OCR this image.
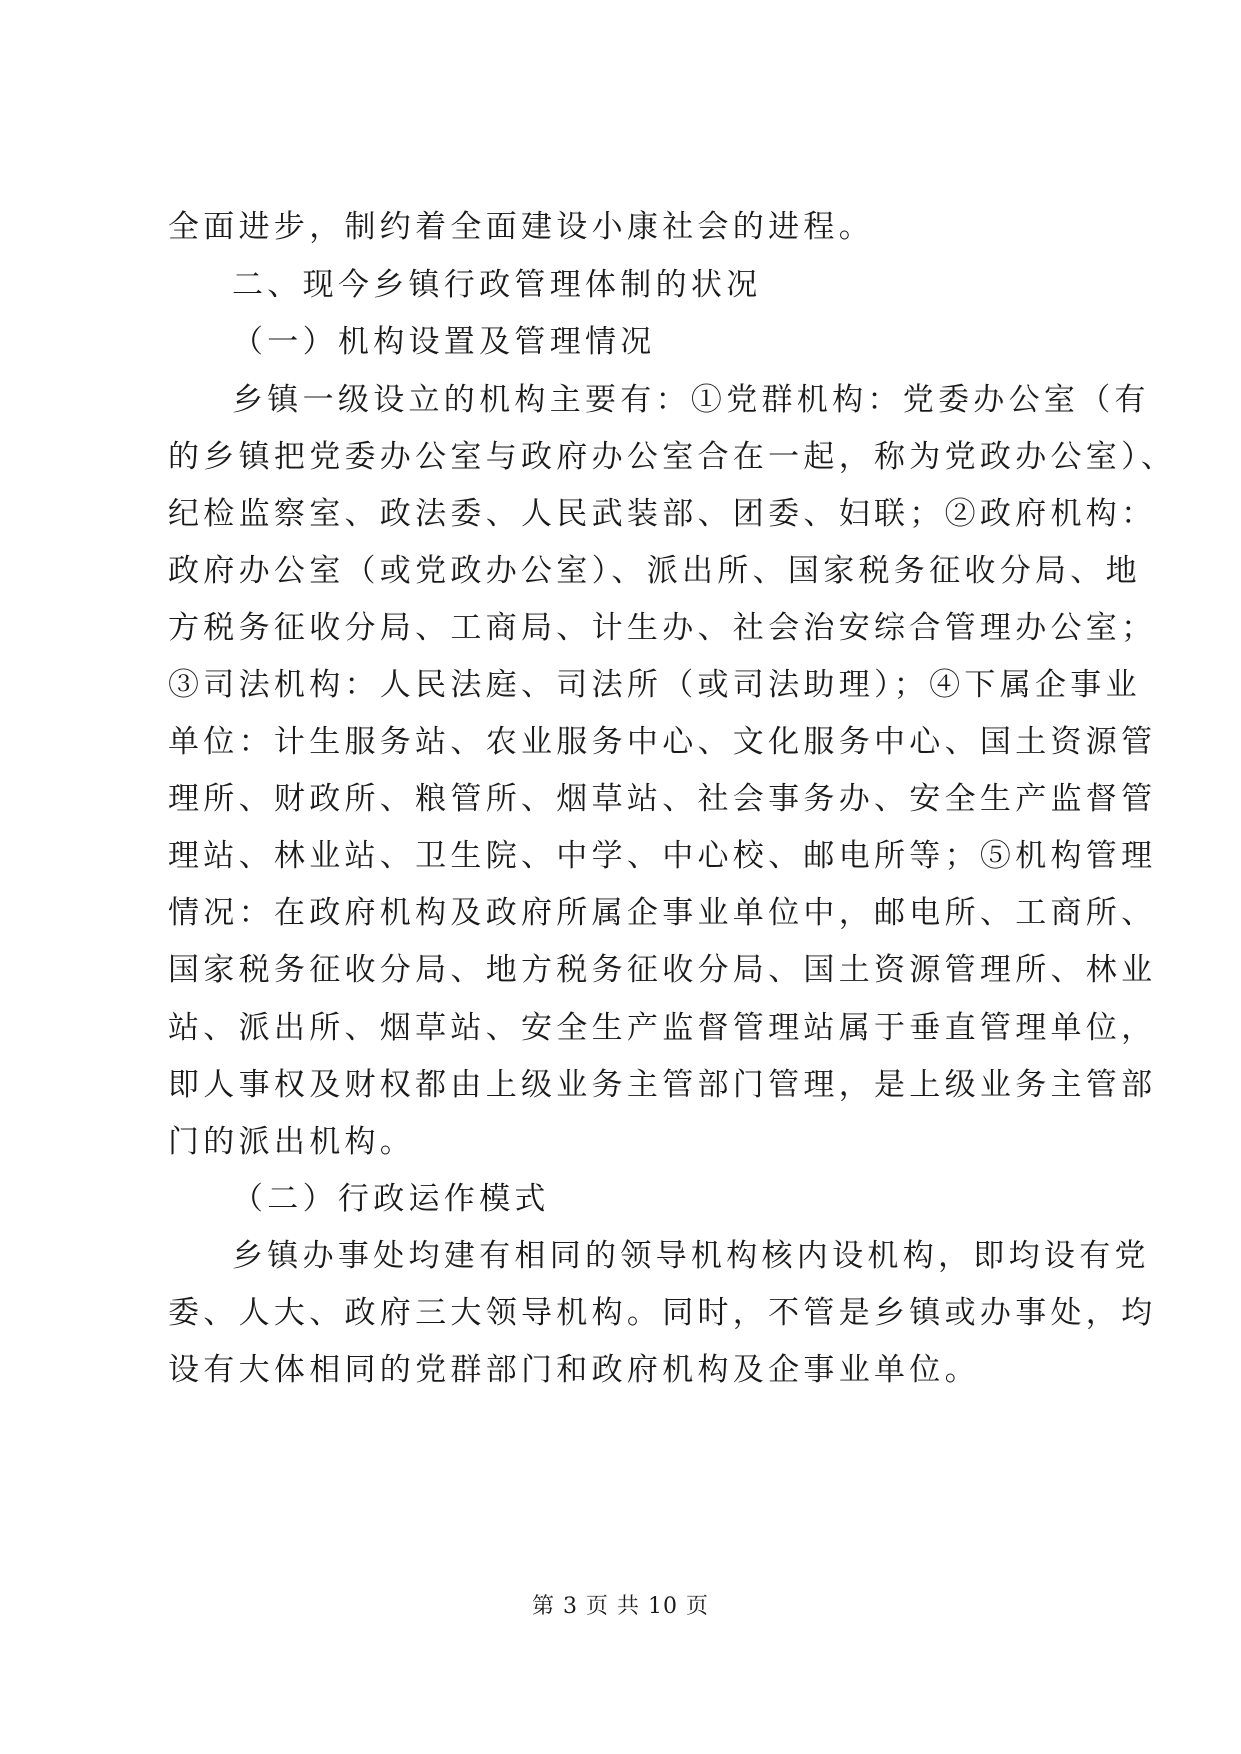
全面进步，制约着全面建设小康社会的进程。
二、现今乡镇行政管理体制的状况
（一）机构设置及管理情况
乡镇一级设立的机构主要有：①党群机构：党委办公室（有
的乡镇把党委办公室与政府办公室合在一起，称为党政办公室）、
纪检监察室、政法委、人民武装部、团委、妇联；②政府机构：
政府办公室（或党政办公室）、派出所、国家税务征收分局、地
方税务征收分局、工商局、计生办、社会治安综合管理办公室；
③司法机构：人民法庭、司法所（或司法助理）；④下属企事业
单位：计生服务站、农业服务中心、文化服务中心、国土资源管
理所、财政所、粮管所、烟草站、社会事务办、安全生产监督管
理站、林业站、卫生院、中学、中心校、邮电所等；⑤机构管理
情况：在政府机构及政府所属企事业单位中，邮电所、工商所、
国家税务征收分局、地方税务征收分局、国土资源管理所、林业
站、派出所、烟草站、安全生产监督管理站属于垂直管理单位，
即人事权及财权都由上级业务主管部门管理，是上级业务主管部
门的派出机构。
（二）行政运作模式
乡镇办事处均建有相同的领导机构核内设机构，即均设有党
委、人大、政府三大领导机构。同时，不管是乡镇或办事处，均
设有大体相同的党群部门和政府机构及企事业单位。
第 3 页 共 10 页
